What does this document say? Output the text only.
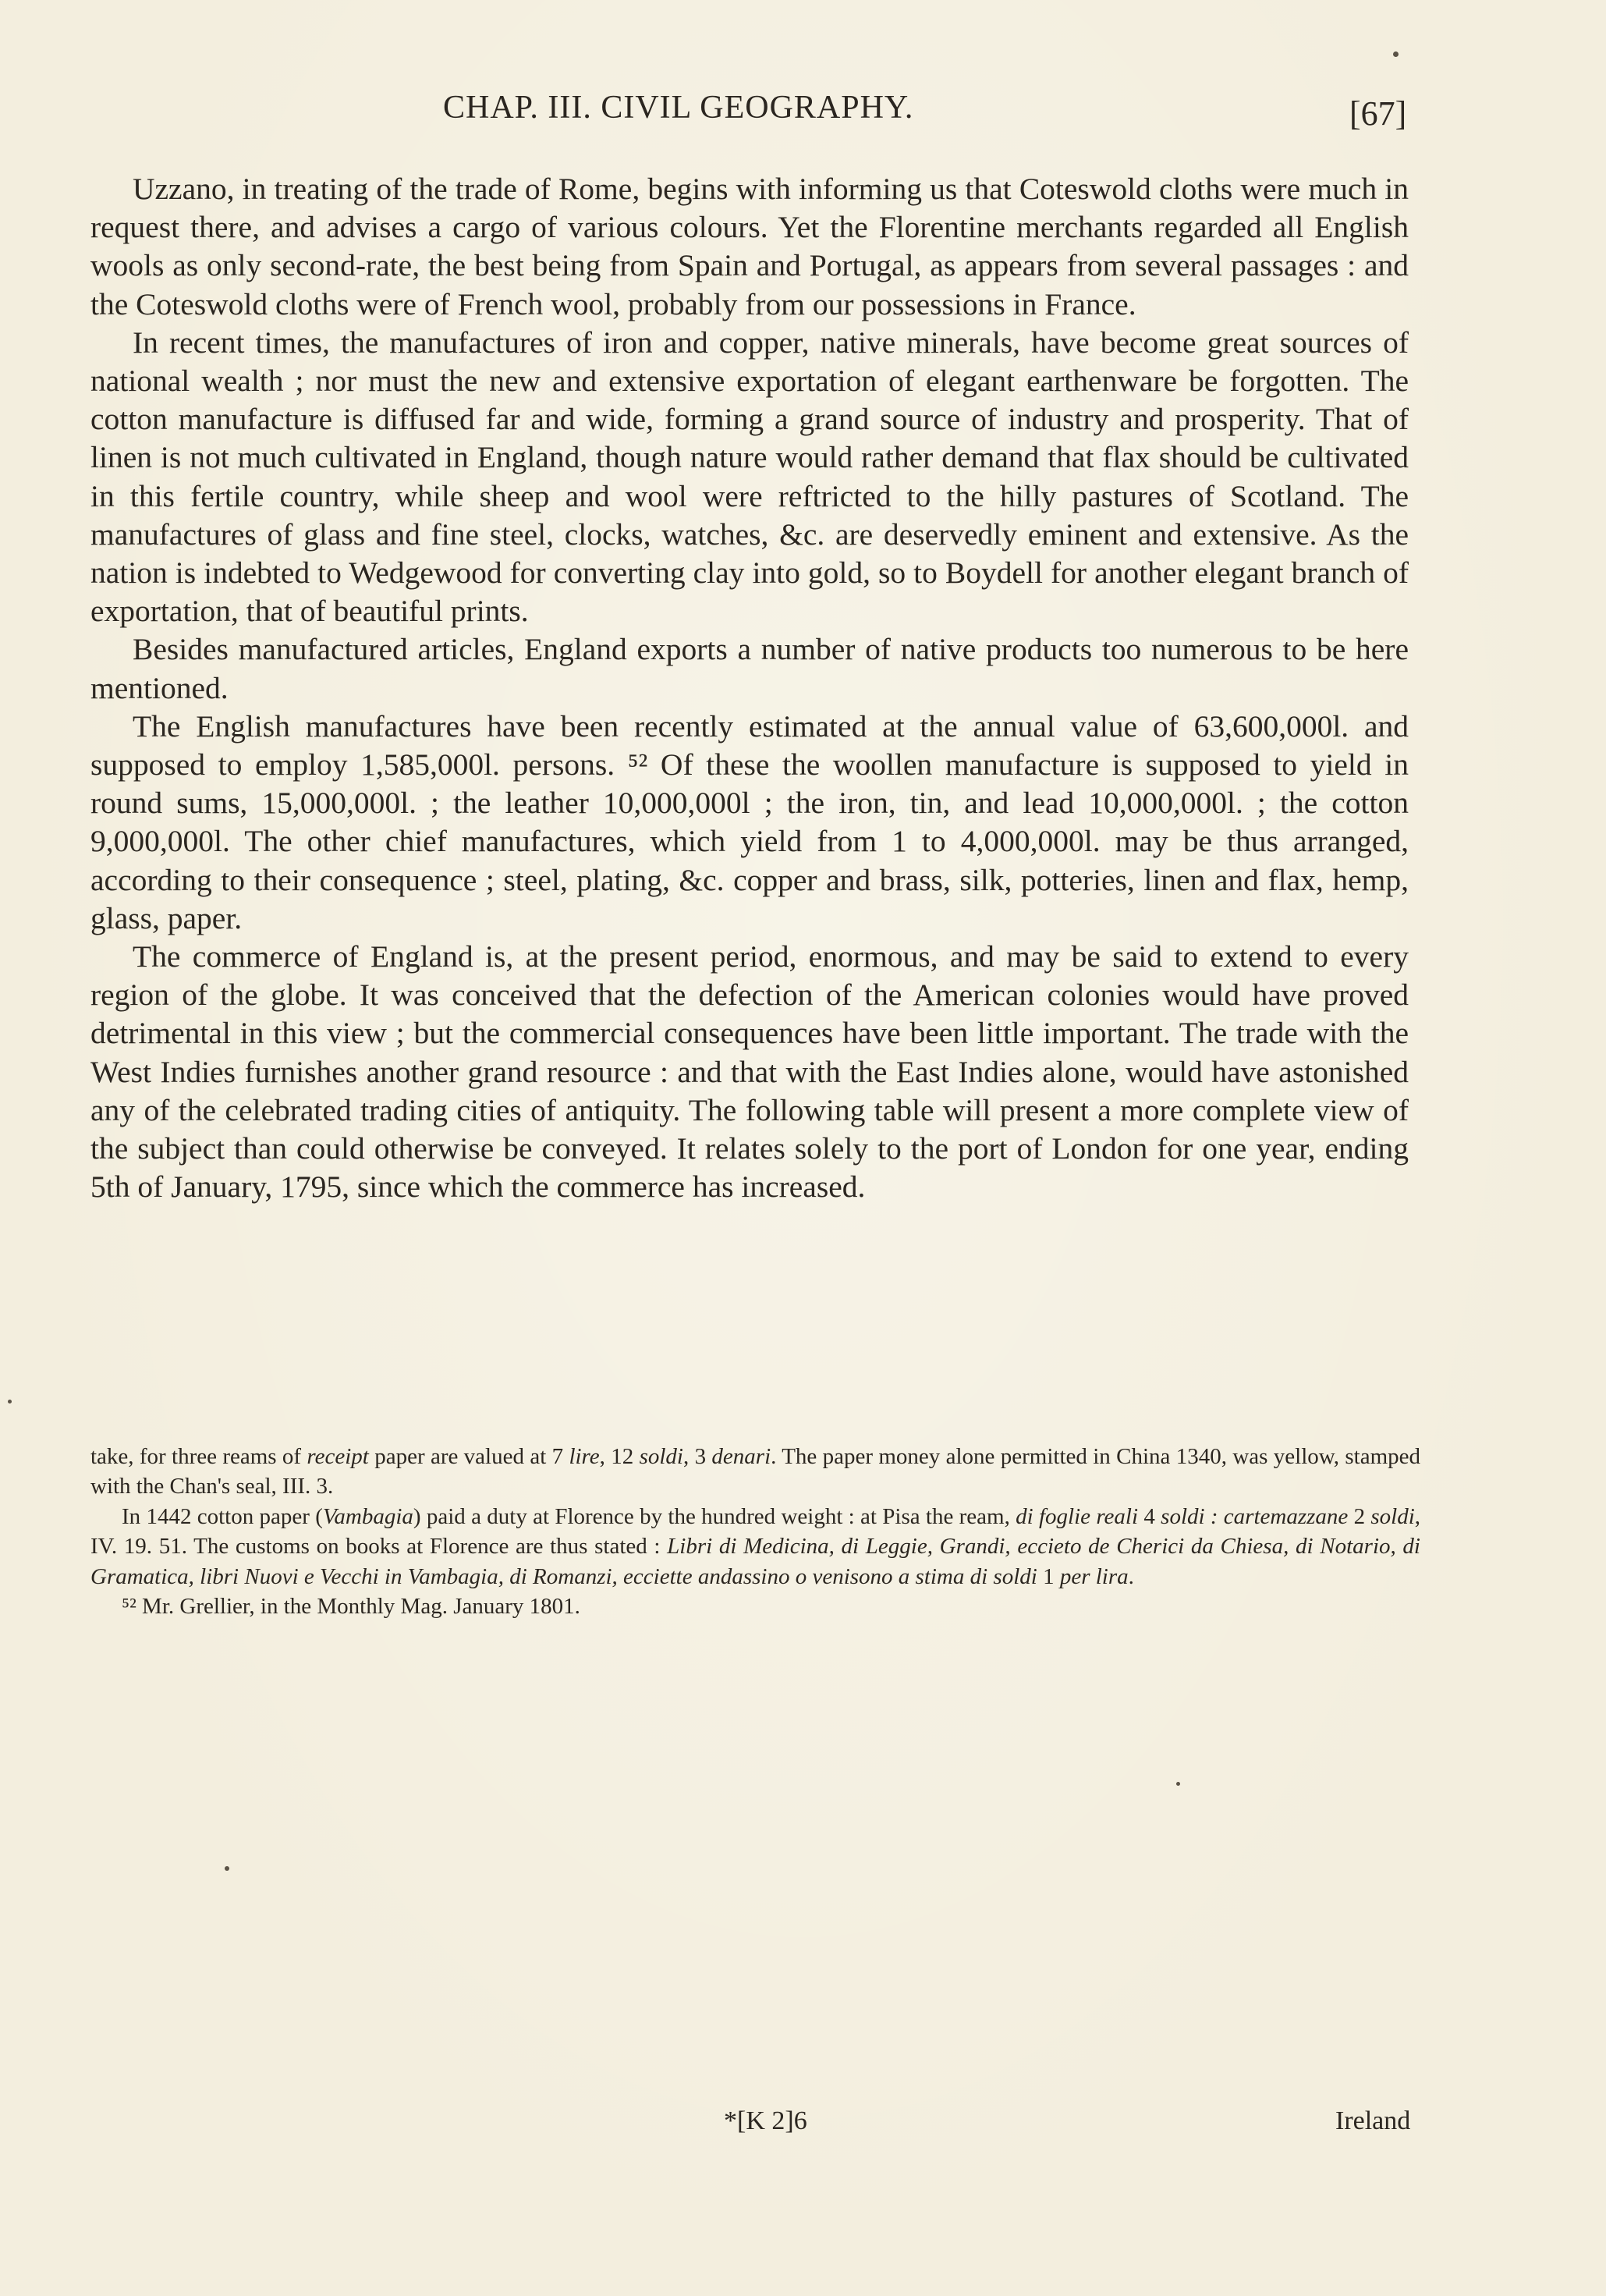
CHAP. III. CIVIL GEOGRAPHY.	[67]

Uzzano, in treating of the trade of Rome, begins with informing us that Coteswold cloths were much in request there, and advises a cargo of various colours. Yet the Florentine merchants regarded all English wools as only second-rate, the best being from Spain and Portugal, as appears from several passages : and the Coteswold cloths were of French wool, probably from our possessions in France.

In recent times, the manufactures of iron and copper, native minerals, have become great sources of national wealth ; nor must the new and extensive exportation of elegant earthenware be forgotten. The cotton manufacture is diffused far and wide, forming a grand source of industry and prosperity. That of linen is not much cultivated in England, though nature would rather demand that flax should be cultivated in this fertile country, while sheep and wool were reftricted to the hilly pastures of Scotland. The manufactures of glass and fine steel, clocks, watches, &c. are deservedly eminent and extensive. As the nation is indebted to Wedgewood for converting clay into gold, so to Boydell for another elegant branch of exportation, that of beautiful prints.

Besides manufactured articles, England exports a number of native products too numerous to be here mentioned.

The English manufactures have been recently estimated at the annual value of 63,600,000l. and supposed to employ 1,585,000l. persons. ⁵² Of these the woollen manufacture is supposed to yield in round sums, 15,000,000l. ; the leather 10,000,000l ; the iron, tin, and lead 10,000,000l. ; the cotton 9,000,000l. The other chief manufactures, which yield from 1 to 4,000,000l. may be thus arranged, according to their consequence ; steel, plating, &c. copper and brass, silk, potteries, linen and flax, hemp, glass, paper.

The commerce of England is, at the present period, enormous, and may be said to extend to every region of the globe. It was conceived that the defection of the American colonies would have proved detrimental in this view ; but the commercial consequences have been little important. The trade with the West Indies furnishes another grand resource : and that with the East Indies alone, would have astonished any of the celebrated trading cities of antiquity. The following table will present a more complete view of the subject than could otherwise be conveyed. It relates solely to the port of London for one year, ending 5th of January, 1795, since which the commerce has increased.

take, for three reams of receipt paper are valued at 7 lire, 12 soldi, 3 denari. The paper money alone permitted in China 1340, was yellow, stamped with the Chan's seal, III. 3.

In 1442 cotton paper (Vambagia) paid a duty at Florence by the hundred weight : at Pisa the ream, di foglie reali 4 soldi : cartemazzane 2 soldi, IV. 19. 51. The customs on books at Florence are thus stated : Libri di Medicina, di Leggie, Grandi, eccieto de Cherici da Chiesa, di Notario, di Gramatica, libri Nuovi e Vecchi in Vambagia, di Romanzi, ecciette andassino o venisono a stima di soldi 1 per lira.

⁵² Mr. Grellier, in the Monthly Mag. January 1801.

*[K 2]6	Ireland
